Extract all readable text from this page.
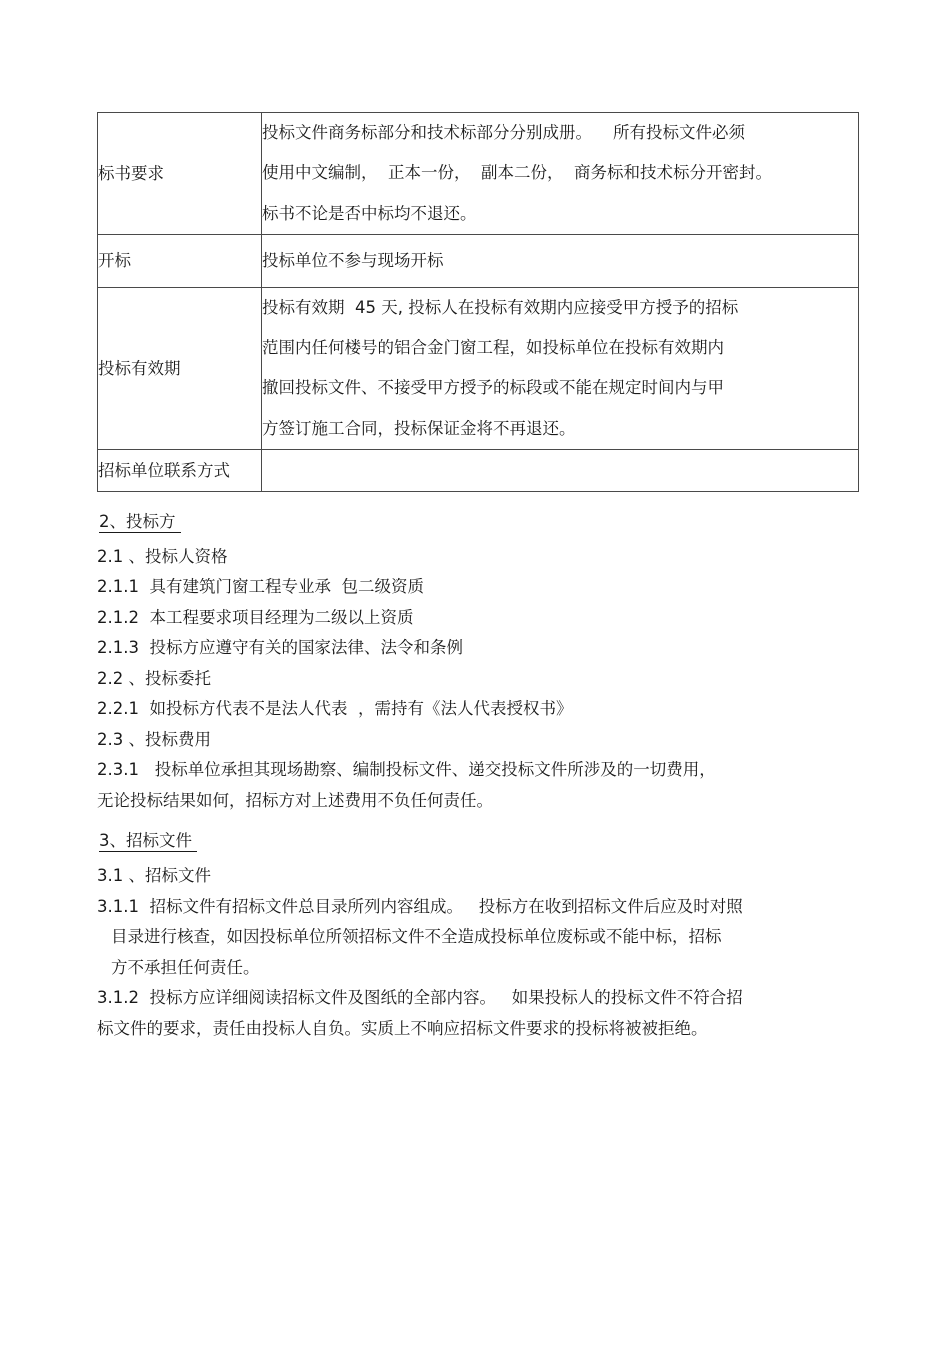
标书要求	投标文件商务标部分和技术标部分分别成册。    所有投标文件必须
使用中文编制，  正本一份，  副本二份，  商务标和技术标分开密封。
标书不论是否中标均不退还。

开标	投标单位不参与现场开标

投标有效期	投标有效期  45 天, 投标人在投标有效期内应接受甲方授予的招标
范围内任何楼号的铝合金门窗工程，如投标单位在投标有效期内
撤回投标文件、不接受甲方授予的标段或不能在规定时间内与甲
方签订施工合同，投标保证金将不再退还。

招标单位联系方式	
2、投标方
2.1 、投标人资格
2.1.1  具有建筑门窗工程专业承  包二级资质
2.1.2  本工程要求项目经理为二级以上资质
2.1.3  投标方应遵守有关的国家法律、法令和条例
2.2 、投标委托
2.2.1  如投标方代表不是法人代表  ，需持有《法人代表授权书》
2.3 、投标费用
2.3.1   投标单位承担其现场勘察、编制投标文件、递交投标文件所涉及的一切费用，
无论投标结果如何，招标方对上述费用不负任何责任。
3、招标文件
3.1 、招标文件
3.1.1  招标文件有招标文件总目录所列内容组成。   投标方在收到招标文件后应及时对照
目录进行核查，如因投标单位所领招标文件不全造成投标单位废标或不能中标，招标
方不承担任何责任。
3.1.2  投标方应详细阅读招标文件及图纸的全部内容。   如果投标人的投标文件不符合招
标文件的要求，责任由投标人自负。实质上不响应招标文件要求的投标将被被拒绝。
